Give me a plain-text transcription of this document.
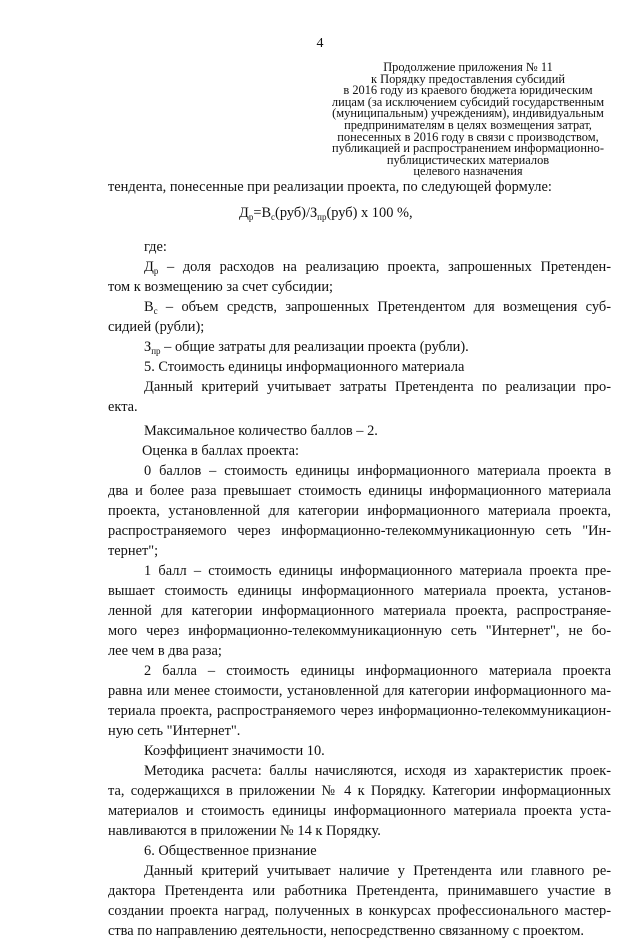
4
Продолжение приложения № 11
к Порядку предоставления субсидий
в 2016 году из краевого бюджета юридическим
лицам (за исключением субсидий государственным
(муниципальным) учреждениям), индивидуальным
предпринимателям в целях возмещения затрат,
понесенных в 2016 году в связи с производством,
публикацией и распространением информационно-
публицистических материалов
целевого назначения
тендента, понесенные при реализации проекта, по следующей формуле:
$Д_р=В_с(руб)/З_{пр}(руб)$ х 100 %,
где:
$Д_р$ – доля расходов на реализацию проекта, запрошенных Претенден-
том к возмещению за счет субсидии;
$В_с$ – объем средств, запрошенных Претендентом для возмещения суб-
сидией (рубли);
$З_{пр}$ – общие затраты для реализации проекта (рубли).
5. Стоимость единицы информационного материала
Данный критерий учитывает затраты Претендента по реализации про-
екта.
Максимальное количество баллов – 2.
Оценка в баллах проекта:
0 баллов – стоимость единицы информационного материала проекта в
два и более раза превышает стоимость единицы информационного материала
проекта, установленной для категории информационного материала проекта,
распространяемого через информационно-телекоммуникационную сеть "Ин-
тернет";
1 балл – стоимость единицы информационного материала проекта пре-
вышает стоимость единицы информационного материала проекта, установ-
ленной для категории информационного материала проекта, распространяе-
мого через информационно-телекоммуникационную сеть "Интернет", не бо-
лее чем в два раза;
2 балла – стоимость единицы информационного материала проекта
равна или менее стоимости, установленной для категории информационного ма-
териала проекта, распространяемого через информационно-телекоммуникацион-
ную сеть "Интернет".
Коэффициент значимости 10.
Методика расчета: баллы начисляются, исходя из характеристик проек-
та, содержащихся в приложении № 4 к Порядку. Категории информационных
материалов и стоимость единицы информационного материала проекта уста-
навливаются в приложении № 14 к Порядку.
6. Общественное признание
Данный критерий учитывает наличие у Претендента или главного ре-
дактора Претендента или работника Претендента, принимавшего участие в
создании проекта наград, полученных в конкурсах профессионального мастер-
ства по направлению деятельности, непосредственно связанному с проектом.
